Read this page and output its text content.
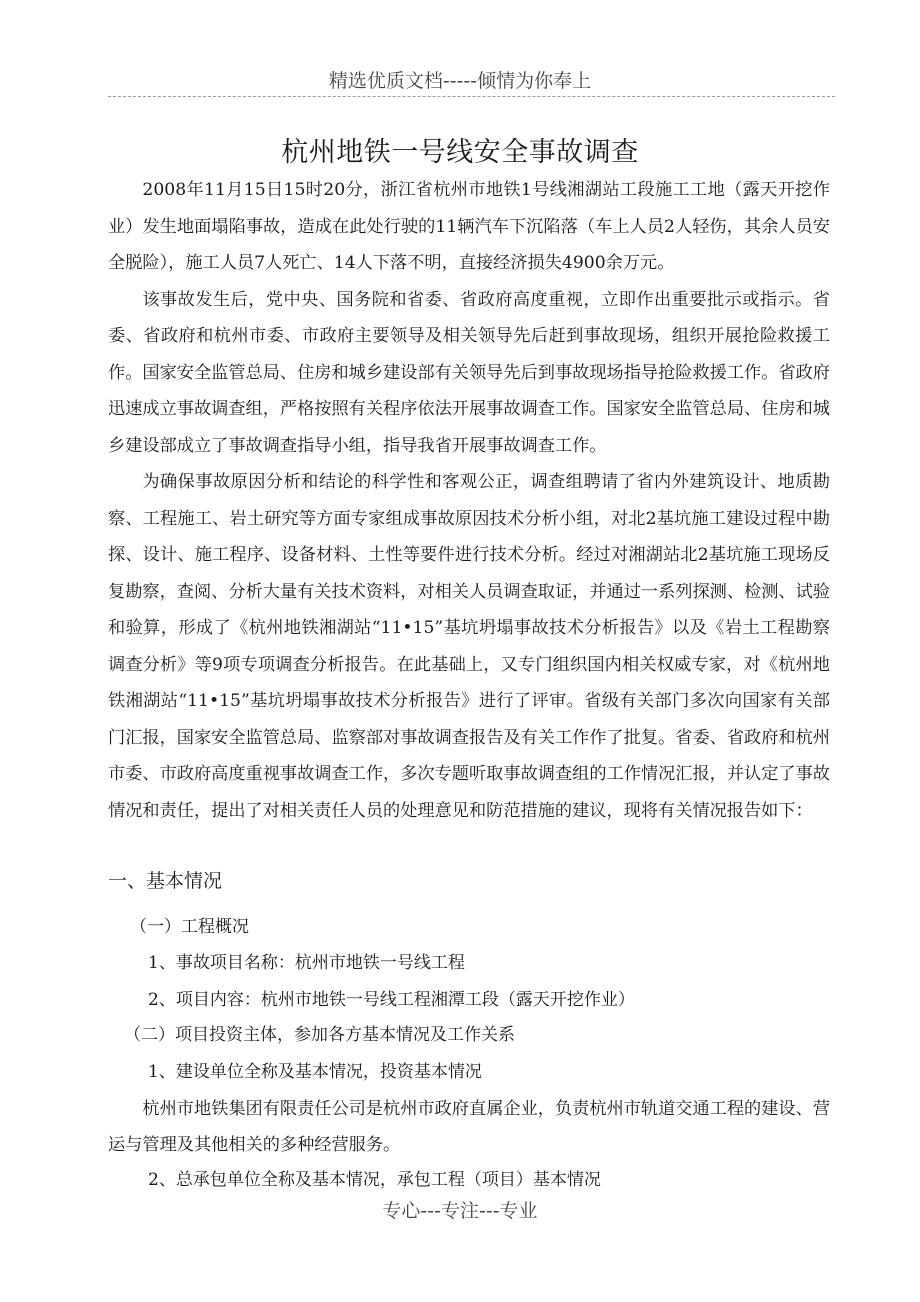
精选优质文档-----倾情为你奉上
杭州地铁一号线安全事故调查

2008年11月15日15时20分，浙江省杭州市地铁1号线湘湖站工段施工工地（露天开挖作业）发生地面塌陷事故，造成在此处行驶的11辆汽车下沉陷落（车上人员2人轻伤，其余人员安全脱险），施工人员7人死亡、14人下落不明，直接经济损失4900余万元。

该事故发生后，党中央、国务院和省委、省政府高度重视，立即作出重要批示或指示。省委、省政府和杭州市委、市政府主要领导及相关领导先后赶到事故现场，组织开展抢险救援工作。国家安全监管总局、住房和城乡建设部有关领导先后到事故现场指导抢险救援工作。省政府迅速成立事故调查组，严格按照有关程序依法开展事故调查工作。国家安全监管总局、住房和城乡建设部成立了事故调查指导小组，指导我省开展事故调查工作。

为确保事故原因分析和结论的科学性和客观公正，调查组聘请了省内外建筑设计、地质勘察、工程施工、岩土研究等方面专家组成事故原因技术分析小组，对北2基坑施工建设过程中勘探、设计、施工程序、设备材料、土性等要件进行技术分析。经过对湘湖站北2基坑施工现场反复勘察，查阅、分析大量有关技术资料，对相关人员调查取证，并通过一系列探测、检测、试验和验算，形成了《杭州地铁湘湖站“11•15”基坑坍塌事故技术分析报告》以及《岩土工程勘察调查分析》等9项专项调查分析报告。在此基础上，又专门组织国内相关权威专家，对《杭州地铁湘湖站“11•15”基坑坍塌事故技术分析报告》进行了评审。省级有关部门多次向国家有关部门汇报，国家安全监管总局、监察部对事故调查报告及有关工作作了批复。省委、省政府和杭州市委、市政府高度重视事故调查工作，多次专题听取事故调查组的工作情况汇报，并认定了事故情况和责任，提出了对相关责任人员的处理意见和防范措施的建议，现将有关情况报告如下：

一、基本情况
（一）工程概况
1、事故项目名称：杭州市地铁一号线工程
2、项目内容：杭州市地铁一号线工程湘潭工段（露天开挖作业）
（二）项目投资主体，参加各方基本情况及工作关系
1、建设单位全称及基本情况，投资基本情况

杭州市地铁集团有限责任公司是杭州市政府直属企业，负责杭州市轨道交通工程的建设、营运与管理及其他相关的多种经营服务。

2、总承包单位全称及基本情况，承包工程（项目）基本情况
专心---专注---专业
